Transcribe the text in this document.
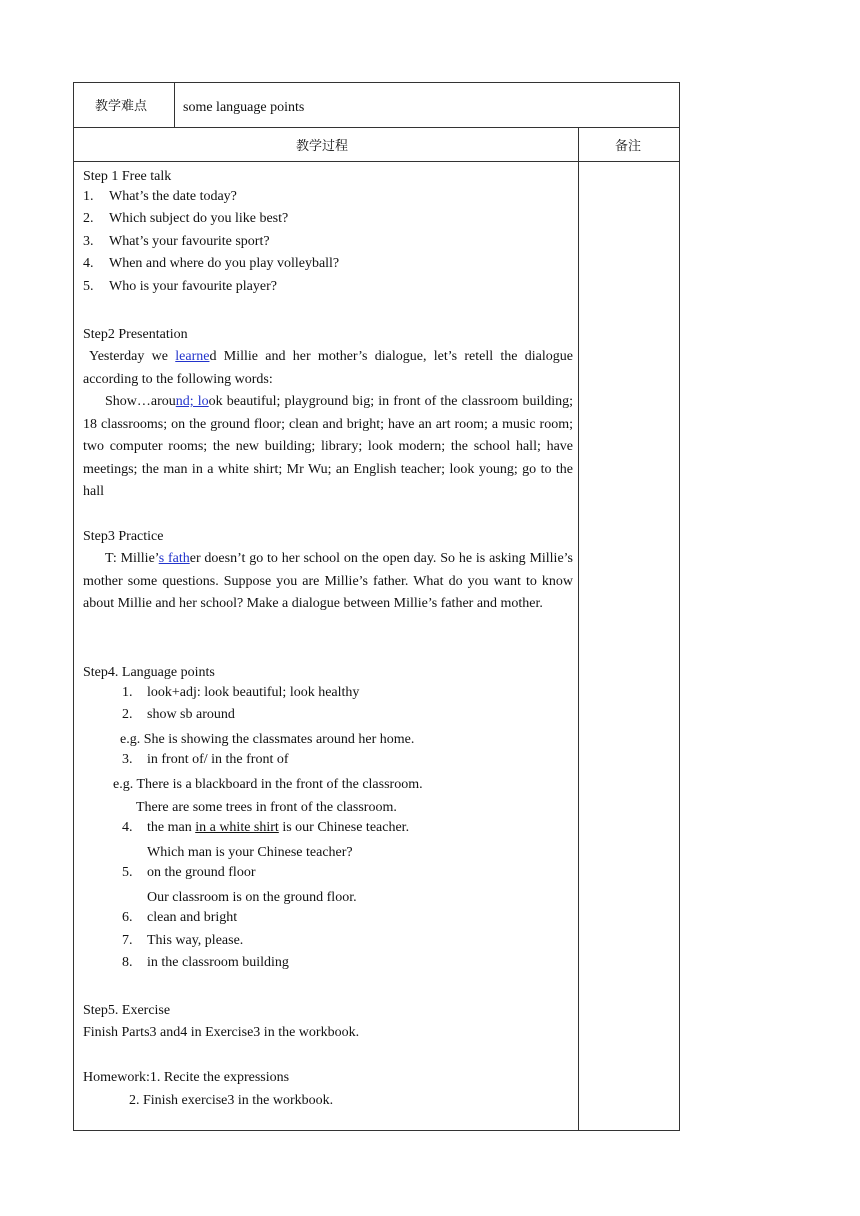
教学难点	some language points
教学过程	备注
Step 1 Free talk
1. What’s the date today?
2. Which subject do you like best?
3. What’s your favourite sport?
4. When and where do you play volleyball?
5. Who is your favourite player?
Step2 Presentation
Yesterday we learned Millie and her mother’s dialogue, let’s retell the dialogue according to the following words:
Show…around; look beautiful; playground big; in front of the classroom building; 18 classrooms; on the ground floor; clean and bright; have an art room; a music room; two computer rooms; the new building; library; look modern; the school hall; have meetings; the man in a white shirt; Mr Wu; an English teacher; look young; go to the hall
Step3 Practice
T: Millie’s father doesn’t go to her school on the open day. So he is asking Millie’s mother some questions. Suppose you are Millie’s father. What do you want to know about Millie and her school? Make a dialogue between Millie’s father and mother.
Step4. Language points
1. look+adj: look beautiful; look healthy
2. show sb around
e.g. She is showing the classmates around her home.
3. in front of/ in the front of
e.g. There is a blackboard in the front of the classroom.
There are some trees in front of the classroom.
4. the man in a white shirt is our Chinese teacher.
Which man is your Chinese teacher?
5. on the ground floor
Our classroom is on the ground floor.
6. clean and bright
7. This way, please.
8. in the classroom building
Step5. Exercise
Finish Parts3 and4 in Exercise3 in the workbook.
Homework:1. Recite the expressions
2. Finish exercise3 in the workbook.
